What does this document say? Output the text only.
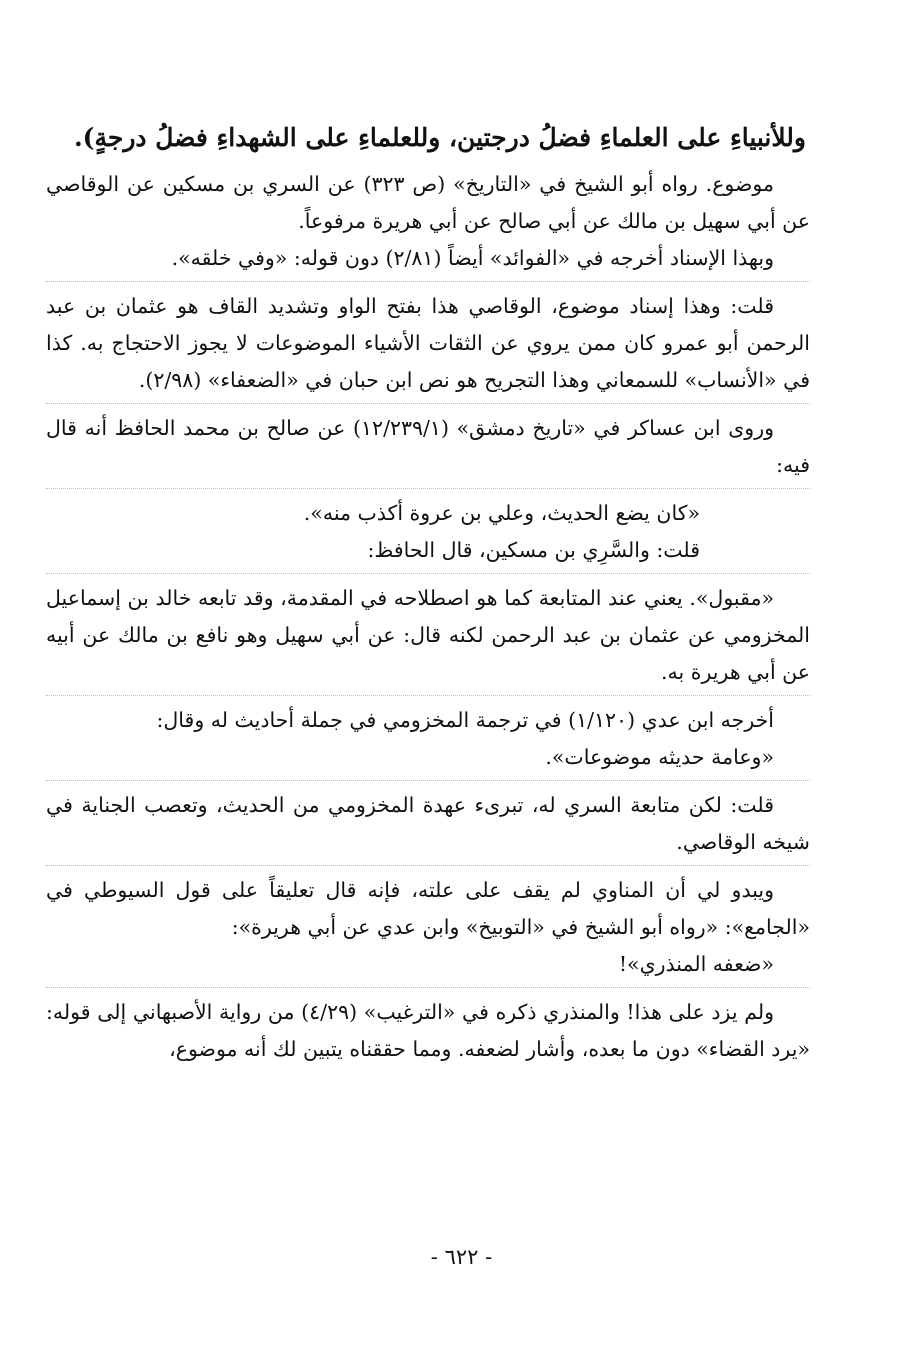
وللأنبياءِ على العلماءِ فضلُ درجتين، وللعلماءِ على الشهداءِ فضلُ درجةٍ).

موضوع. رواه أبو الشيخ في «التاريخ» (ص ٣٢٣) عن السري بن مسكين عن الوقاصي عن أبي سهيل بن مالك عن أبي صالح عن أبي هريرة مرفوعاً.

وبهذا الإسناد أخرجه في «الفوائد» أيضاً (٢/٨١) دون قوله: «وفي خلقه».

قلت: وهذا إسناد موضوع، الوقاصي هذا بفتح الواو وتشديد القاف هو عثمان بن عبد الرحمن أبو عمرو كان ممن يروي عن الثقات الأشياء الموضوعات لا يجوز الاحتجاج به. كذا في «الأنساب» للسمعاني وهذا التجريح هو نص ابن حبان في «الضعفاء» (٢/٩٨).

وروى ابن عساكر في «تاريخ دمشق» (١٢/٢٣٩/١) عن صالح بن محمد الحافظ أنه قال فيه:

«كان يضع الحديث، وعلي بن عروة أكذب منه».

قلت: والسَّرِي بن مسكين، قال الحافظ:

«مقبول». يعني عند المتابعة كما هو اصطلاحه في المقدمة، وقد تابعه خالد بن إسماعيل المخزومي عن عثمان بن عبد الرحمن لكنه قال: عن أبي سهيل وهو نافع بن مالك عن أبيه عن أبي هريرة به.

أخرجه ابن عدي (١/١٢٠) في ترجمة المخزومي في جملة أحاديث له وقال:

«وعامة حديثه موضوعات».

قلت: لكن متابعة السري له، تبرىء عهدة المخزومي من الحديث، وتعصب الجناية في شيخه الوقاصي.

ويبدو لي أن المناوي لم يقف على علته، فإنه قال تعليقاً على قول السيوطي في «الجامع»: «رواه أبو الشيخ في «التوبيخ» وابن عدي عن أبي هريرة»:

«ضعفه المنذري»!

ولم يزد على هذا! والمنذري ذكره في «الترغيب» (٤/٢٩) من رواية الأصبهاني إلى قوله: «يرد القضاء» دون ما بعده، وأشار لضعفه. ومما حققناه يتبين لك أنه موضوع،

- ٦٢٢ -
